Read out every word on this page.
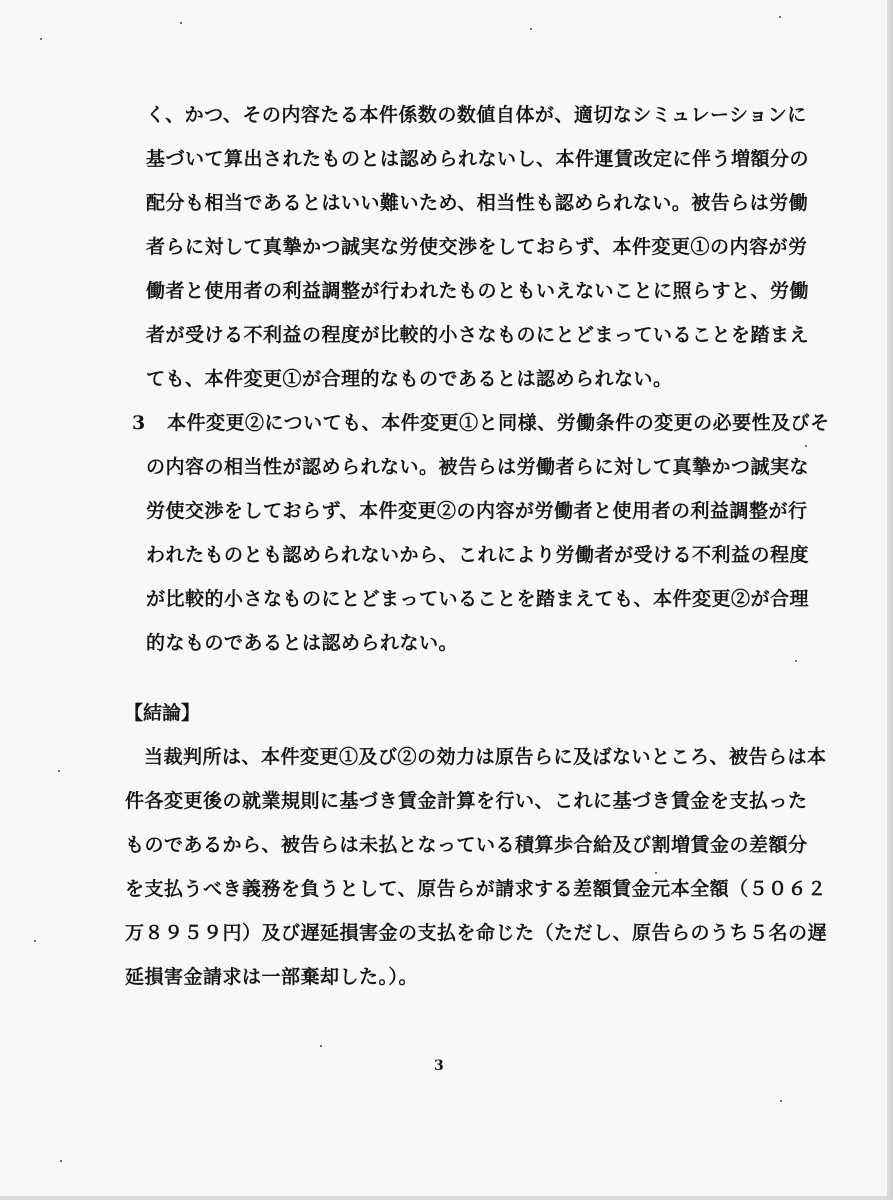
く、かつ、その内容たる本件係数の数値自体が、適切なシミュレーションに
基づいて算出されたものとは認められないし、本件運賃改定に伴う増額分の
配分も相当であるとはいい難いため、相当性も認められない。被告らは労働
者らに対して真摯かつ誠実な労使交渉をしておらず、本件変更①の内容が労
働者と使用者の利益調整が行われたものともいえないことに照らすと、労働
者が受ける不利益の程度が比較的小さなものにとどまっていることを踏まえ
ても、本件変更①が合理的なものであるとは認められない。
3 本件変更②についても、本件変更①と同様、労働条件の変更の必要性及びそ
の内容の相当性が認められない。被告らは労働者らに対して真摯かつ誠実な
労使交渉をしておらず、本件変更②の内容が労働者と使用者の利益調整が行
われたものとも認められないから、これにより労働者が受ける不利益の程度
が比較的小さなものにとどまっていることを踏まえても、本件変更②が合理
的なものであるとは認められない。
【結論】
当裁判所は、本件変更①及び②の効力は原告らに及ばないところ、被告らは本
件各変更後の就業規則に基づき賃金計算を行い、これに基づき賃金を支払った
ものであるから、被告らは未払となっている積算歩合給及び割増賃金の差額分
を支払うべき義務を負うとして、原告らが請求する差額賃金元本全額（５０６２
万８９５９円）及び遅延損害金の支払を命じた（ただし、原告らのうち５名の遅
延損害金請求は一部棄却した。）。
3
